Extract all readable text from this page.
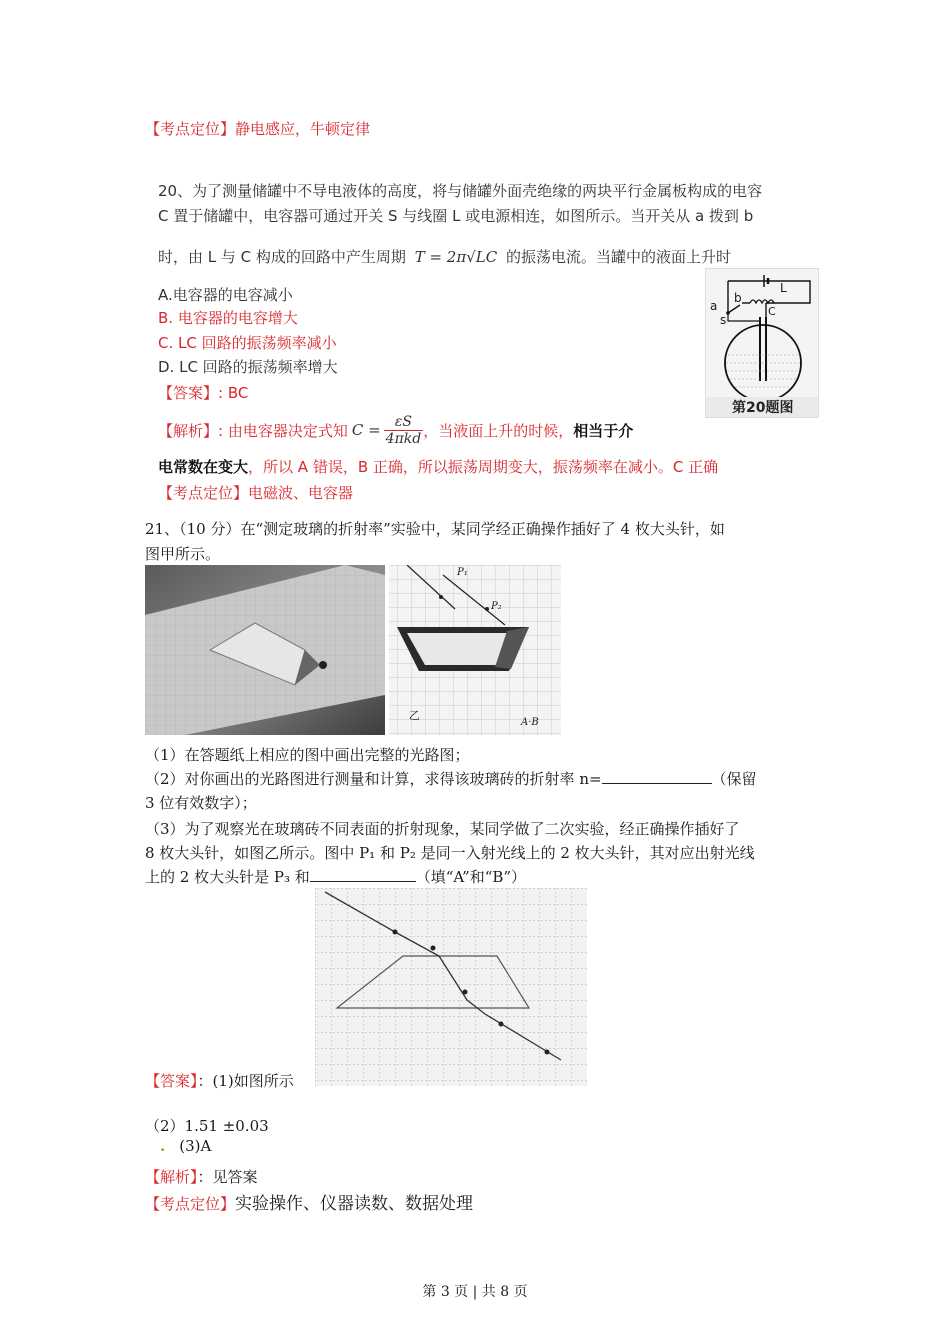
【考点定位】静电感应，牛顿定律
20、为了测量储罐中不导电液体的高度，将与储罐外面壳绝缘的两块平行金属板构成的电容
C 置于储罐中，电容器可通过开关 S 与线圈 L 或电源相连，如图所示。当开关从 a 拨到 b
时，由 L 与 C 构成的回路中产生周期 T = 2π√LC 的振荡电流。当罐中的液面上升时
A.电容器的电容减小
B. 电容器的电容增大
C. LC 回路的振荡频率减小
D. LC 回路的振荡频率增大
【答案】: BC
【解析】: 由电容器决定式知 $C = \frac{\varepsilon S}{\text{4πkd}}$ ，当液面上升的时候， 相当于介
电常数在变大，所以 A 错误，B 正确，所以振荡周期变大，振荡频率在减小。C 正确
【考点定位】电磁波、电容器
a
b
s
L
C
第20题图
21、（10 分）在“测定玻璃的折射率”实验中，某同学经正确操作插好了 4 枚大头针，如
图甲所示。
P₁
P₂
乙
A·B
（1）在答题纸上相应的图中画出完整的光路图；
（2）对你画出的光路图进行测量和计算，求得该玻璃砖的折射率 n=	（保留
3 位有效数字）；
（3）为了观察光在玻璃砖不同表面的折射现象，某同学做了二次实验，经正确操作插好了
8 枚大头针，如图乙所示。图中 P₁ 和 P₂ 是同一入射光线上的 2 枚大头针，其对应出射光线
上的 2 枚大头针是 P₃ 和	（填“A”和“B”）
【答案】：(1)如图所示
（2）1.51 ±0.03
. (3)A
【解析】：见答案
【考点定位】实验操作、仪器读数、数据处理
第 3 页 | 共 8 页
